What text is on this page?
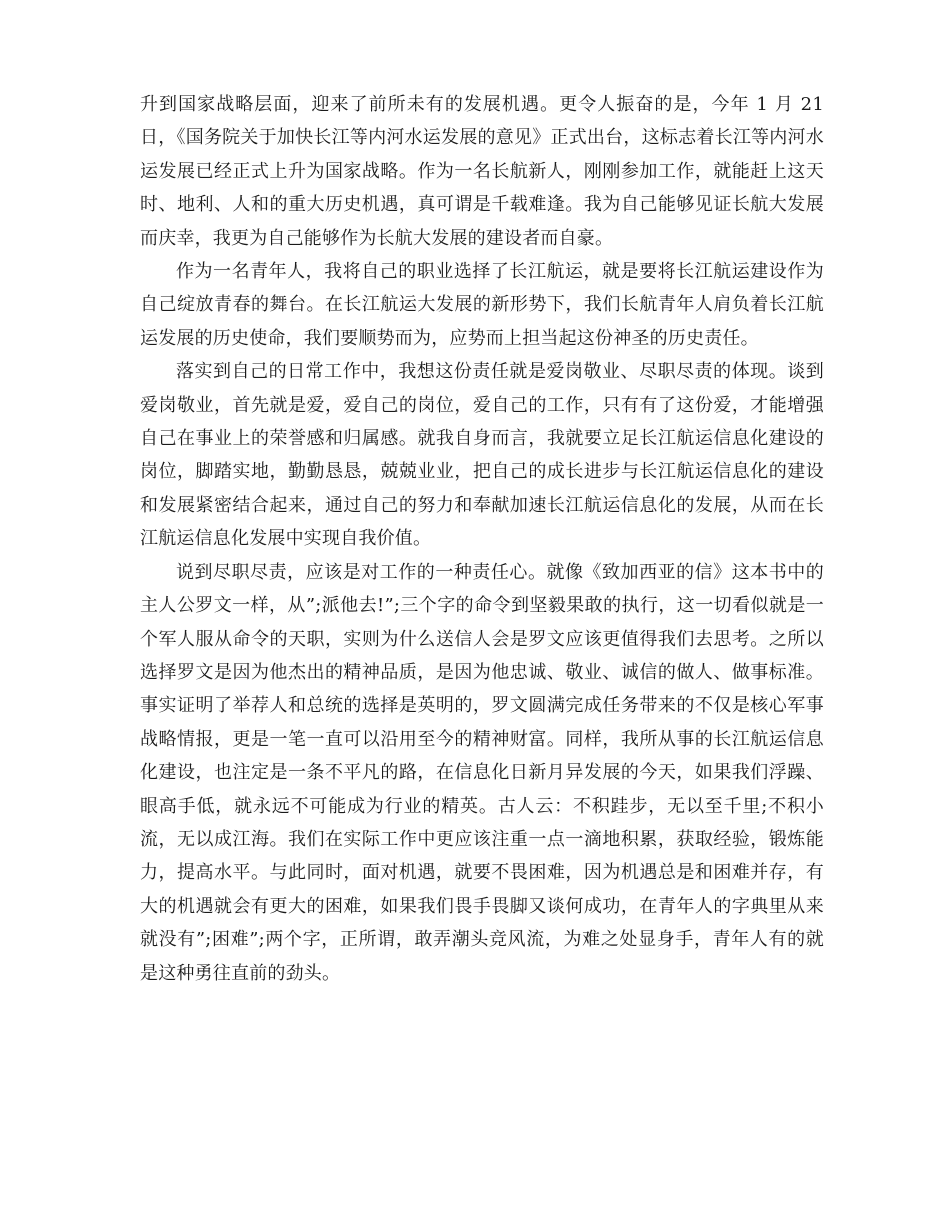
升到国家战略层面，迎来了前所未有的发展机遇。更令人振奋的是，今年 1 月 21 日，《国务院关于加快长江等内河水运发展的意见》正式出台，这标志着长江等内河水运发展已经正式上升为国家战略。作为一名长航新人，刚刚参加工作，就能赶上这天时、地利、人和的重大历史机遇，真可谓是千载难逢。我为自己能够见证长航大发展而庆幸，我更为自己能够作为长航大发展的建设者而自豪。

作为一名青年人，我将自己的职业选择了长江航运，就是要将长江航运建设作为自己绽放青春的舞台。在长江航运大发展的新形势下，我们长航青年人肩负着长江航运发展的历史使命，我们要顺势而为，应势而上担当起这份神圣的历史责任。

落实到自己的日常工作中，我想这份责任就是爱岗敬业、尽职尽责的体现。谈到爱岗敬业，首先就是爱，爱自己的岗位，爱自己的工作，只有有了这份爱，才能增强自己在事业上的荣誉感和归属感。就我自身而言，我就要立足长江航运信息化建设的岗位，脚踏实地，勤勤恳恳，兢兢业业，把自己的成长进步与长江航运信息化的建设和发展紧密结合起来，通过自己的努力和奉献加速长江航运信息化的发展，从而在长江航运信息化发展中实现自我价值。

说到尽职尽责，应该是对工作的一种责任心。就像《致加西亚的信》这本书中的主人公罗文一样，从”;派他去!”;三个字的命令到坚毅果敢的执行，这一切看似就是一个军人服从命令的天职，实则为什么送信人会是罗文应该更值得我们去思考。之所以选择罗文是因为他杰出的精神品质，是因为他忠诚、敬业、诚信的做人、做事标准。事实证明了举荐人和总统的选择是英明的，罗文圆满完成任务带来的不仅是核心军事战略情报，更是一笔一直可以沿用至今的精神财富。同样，我所从事的长江航运信息化建设，也注定是一条不平凡的路，在信息化日新月异发展的今天，如果我们浮躁、眼高手低，就永远不可能成为行业的精英。古人云：不积跬步，无以至千里;不积小流，无以成江海。我们在实际工作中更应该注重一点一滴地积累，获取经验，锻炼能力，提高水平。与此同时，面对机遇，就要不畏困难，因为机遇总是和困难并存，有大的机遇就会有更大的困难，如果我们畏手畏脚又谈何成功，在青年人的字典里从来就没有”;困难”;两个字，正所谓，敢弄潮头竞风流，为难之处显身手，青年人有的就是这种勇往直前的劲头。
